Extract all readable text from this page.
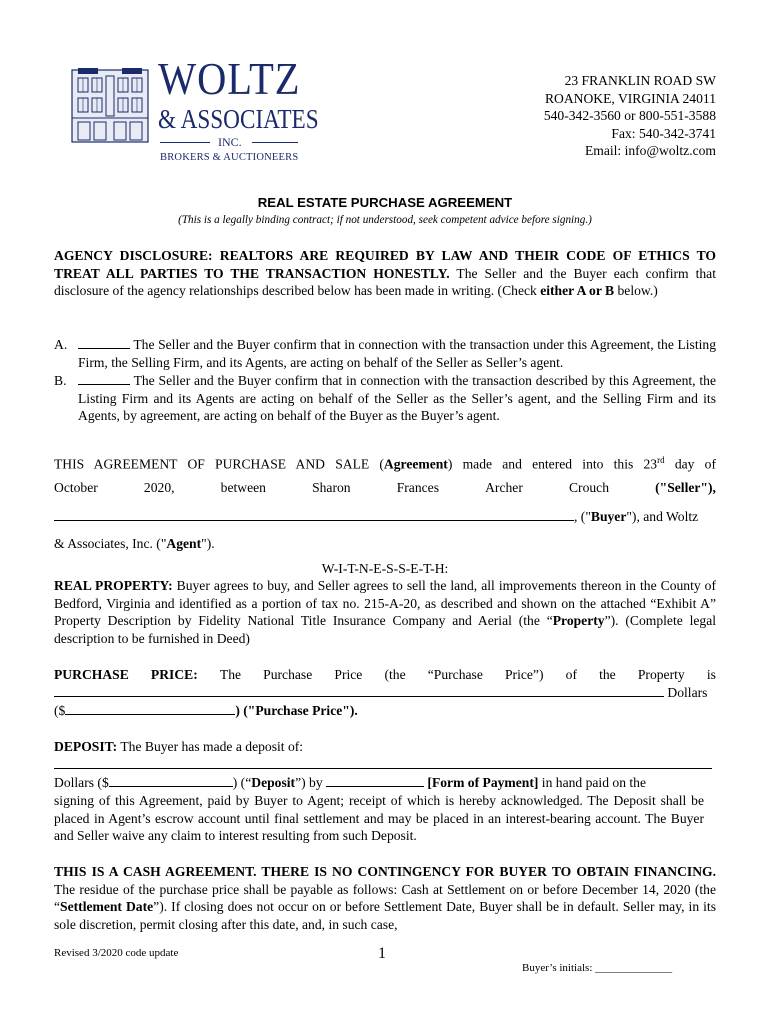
WOLTZ
& ASSOCIATES
INC.
BROKERS & AUCTIONEERS
23 FRANKLIN ROAD SW
ROANOKE, VIRGINIA 24011
540-342-3560 or 800-551-3588
Fax: 540-342-3741
Email: info@woltz.com
REAL ESTATE PURCHASE AGREEMENT
(This is a legally binding contract; if not understood, seek competent advice before signing.)
AGENCY DISCLOSURE: REALTORS ARE REQUIRED BY LAW AND THEIR CODE OF ETHICS TO TREAT ALL PARTIES TO THE TRANSACTION HONESTLY. The Seller and the Buyer each confirm that disclosure of the agency relationships described below has been made in writing. (Check either A or B below.)
A.	The Seller and the Buyer confirm that in connection with the transaction under this Agreement, the Listing Firm, the Selling Firm, and its Agents, are acting on behalf of the Seller as Seller’s agent.
B.	The Seller and the Buyer confirm that in connection with the transaction described by this Agreement, the Listing Firm and its Agents are acting on behalf of the Seller as the Seller’s agent, and the Selling Firm and its Agents, by agreement, are acting on behalf of the Buyer as the Buyer’s agent.
THIS AGREEMENT OF PURCHASE AND SALE (Agreement) made and entered into this 23rd day of
October	2020,	between	Sharon	Frances	Archer	Crouch	("Seller"),
, ("Buyer"), and Woltz
& Associates, Inc. ("Agent").
W-I-T-N-E-S-S-E-T-H:
REAL PROPERTY: Buyer agrees to buy, and Seller agrees to sell the land, all improvements thereon in the County of Bedford, Virginia and identified as a portion of tax no. 215-A-20, as described and shown on the attached “Exhibit A” Property Description by Fidelity National Title Insurance Company and Aerial (the “Property”). (Complete legal description to be furnished in Deed)
PURCHASE PRICE: The Purchase Price (the “Purchase Price”) of the Property is
Dollars
($	) ("Purchase Price").
DEPOSIT: The Buyer has made a deposit of:
Dollars ($	) (“Deposit”) by	[Form of Payment] in hand paid on the
signing of this Agreement, paid by Buyer to Agent; receipt of which is hereby acknowledged. The Deposit shall be placed in Agent’s escrow account until final settlement and may be placed in an interest-bearing account. The Buyer and Seller waive any claim to interest resulting from such Deposit.
THIS IS A CASH AGREEMENT. THERE IS NO CONTINGENCY FOR BUYER TO OBTAIN FINANCING. The residue of the purchase price shall be payable as follows: Cash at Settlement on or before December 14, 2020 (the “Settlement Date”). If closing does not occur on or before Settlement Date, Buyer shall be in default. Seller may, in its sole discretion, permit closing after this date, and, in such case,
Revised 3/2020 code update	1
Buyer’s initials: ______________
